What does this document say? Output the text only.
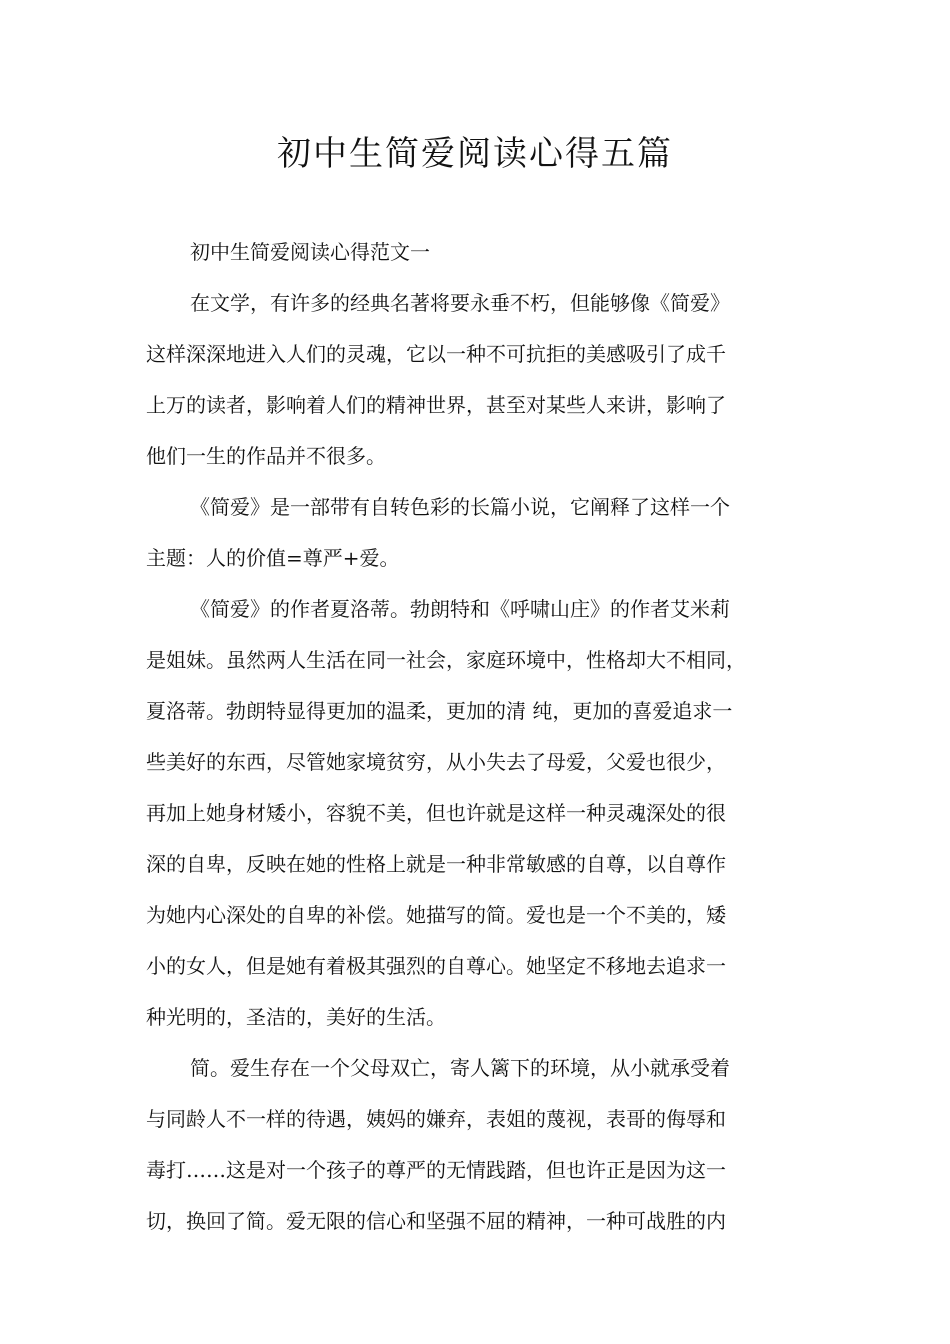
初中生简爱阅读心得五篇
初中生简爱阅读心得范文一
在文学，有许多的经典名著将要永垂不朽，但能够像《简爱》
这样深深地进入人们的灵魂，它以一种不可抗拒的美感吸引了成千
上万的读者，影响着人们的精神世界，甚至对某些人来讲，影响了
他们一生的作品并不很多。
《简爱》是一部带有自转色彩的长篇小说，它阐释了这样一个
主题：人的价值=尊严+爱。
《简爱》的作者夏洛蒂。勃朗特和《呼啸山庄》的作者艾米莉
是姐妹。虽然两人生活在同一社会，家庭环境中，性格却大不相同，
夏洛蒂。勃朗特显得更加的温柔，更加的清 纯，更加的喜爱追求一
些美好的东西，尽管她家境贫穷，从小失去了母爱，父爱也很少，
再加上她身材矮小，容貌不美，但也许就是这样一种灵魂深处的很
深的自卑，反映在她的性格上就是一种非常敏感的自尊，以自尊作
为她内心深处的自卑的补偿。她描写的简。爱也是一个不美的，矮
小的女人，但是她有着极其强烈的自尊心。她坚定不移地去追求一
种光明的，圣洁的，美好的生活。
简。爱生存在一个父母双亡，寄人篱下的环境，从小就承受着
与同龄人不一样的待遇，姨妈的嫌弃，表姐的蔑视，表哥的侮辱和
毒打……这是对一个孩子的尊严的无情践踏，但也许正是因为这一
切，换回了简。爱无限的信心和坚强不屈的精神，一种可战胜的内
